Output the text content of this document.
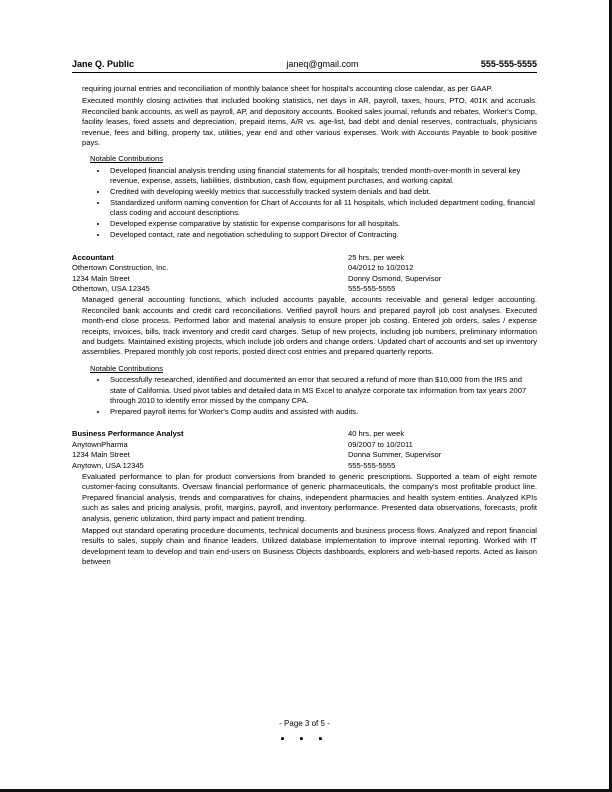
Jane Q. Public	janeq@gmail.com	555-555-5555

requiring journal entries and reconciliation of monthly balance sheet for hospital's accounting close calendar, as per GAAP.

Executed monthly closing activities that included booking statistics, net days in AR, payroll, taxes, hours, PTO, 401K and accruals. Reconciled bank accounts, as well as payroll, AP, and depository accounts. Booked sales journal, refunds and rebates, Worker's Comp, facility leases, fixed assets and depreciation, prepaid items, A/R vs. age-list, bad debt and denial reserves, contractuals, physicians revenue, fees and billing, property tax, utilities, year end and other various expenses. Work with Accounts Payable to book positive pays.

Notable Contributions
• Developed financial analysis trending using financial statements for all hospitals; trended month-over-month in several key revenue, expense, assets, liabilities, distribution, cash flow, equipment purchases, and working capital.
• Credited with developing weekly metrics that successfully tracked system denials and bad debt.
• Standardized uniform naming convention for Chart of Accounts for all 11 hospitals, which included department coding, financial class coding and account descriptions.
• Developed expense comparative by statistic for expense comparisons for all hospitals.
• Developed contact, rate and negotiation scheduling to support Director of Contracting.
Accountant
Othertown Construction, Inc.
1234 Main Street
Othertown, USA 12345
25 hrs. per week
04/2012 to 10/2012
Donny Osmond, Supervisor
555-555-5555

Managed general accounting functions, which included accounts payable, accounts receivable and general ledger accounting. Reconciled bank accounts and credit card reconciliations. Verified payroll hours and prepared payroll job cost analyses. Executed month-end close process. Performed labor and material analysis to ensure proper job costing. Entered job orders, sales / expense receipts, invoices, bills, track inventory and credit card charges. Setup of new projects, including job numbers, preliminary information and budgets. Maintained existing projects, which include job orders and change orders. Updated chart of accounts and set up inventory assemblies. Prepared monthly job cost reports, posted direct cost entries and prepared quarterly reports.

Notable Contributions
• Successfully researched, identified and documented an error that secured a refund of more than $10,000 from the IRS and state of California. Used pivot tables and detailed data in MS Excel to analyze corporate tax information from tax years 2007 through 2010 to identify error missed by the company CPA.
• Prepared payroll items for Worker's Comp audits and assisted with audits.
Business Performance Analyst
AnytownPharma
1234 Main Street
Anytown, USA 12345
40 hrs. per week
09/2007 to 10/2011
Donna Summer, Supervisor
555-555-5555

Evaluated performance to plan for product conversions from branded to generic prescriptions. Supported a team of eight remote customer-facing consultants. Oversaw financial performance of generic pharmaceuticals, the company's most profitable product line. Prepared financial analysis, trends and comparatives for chains, independent pharmacies and health system entities. Analyzed KPIs such as sales and pricing analysis, profit, margins, payroll, and inventory performance. Presented data observations, forecasts, profit analysis, generic utilization, third party impact and patient trending.

Mapped out standard operating procedure documents, technical documents and business process flows. Analyzed and report financial results to sales, supply chain and finance leaders. Utilized database implementation to improve internal reporting. Worked with IT development team to develop and train end-users on Business Objects dashboards, explorers and web-based reports. Acted as liaison between

- Page 3 of 5 -
▪ ▪ ▪
